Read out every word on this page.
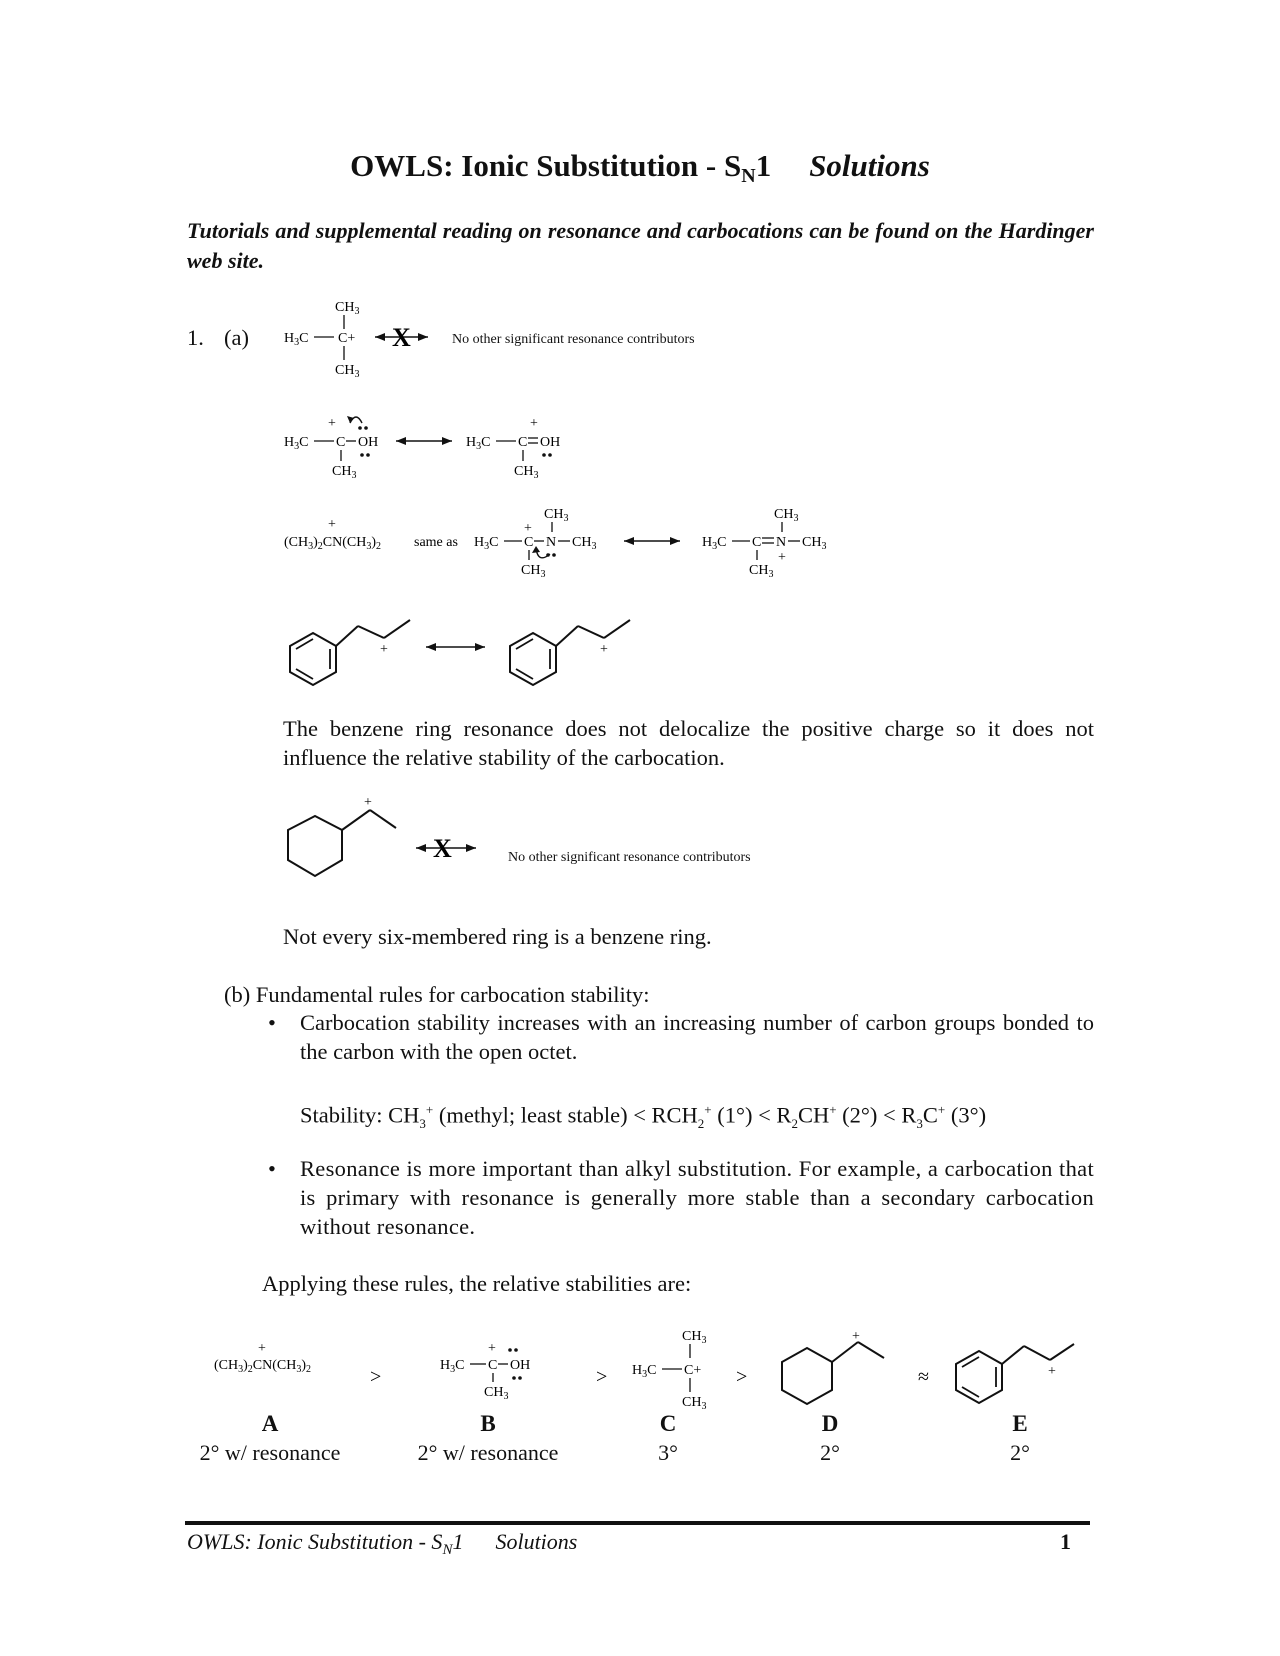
OWLS: Ionic Substitution - $S_N1$ Solutions
Tutorials and supplemental reading on resonance and carbocations can be found on the Hardinger web site.
1. (a)
$CH_3$
$H_3C$ C+
$CH_3$
X	No other significant resonance contributors
+
$H_3C$ C OH
$CH_3$
+
$H_3C$ C OH
$CH_3$
+
$(CH_3)_2CN(CH_3)_2$ same as
$CH_3$
+
$H_3C$ C N $CH_3$
$CH_3$
$CH_3$
$H_3C$ C N $CH_3$
+
$CH_3$
+	+
The benzene ring resonance does not delocalize the positive charge so it does not influence the relative stability of the carbocation.
+
X	No other significant resonance contributors
Not every six-membered ring is a benzene ring.
(b) Fundamental rules for carbocation stability:
• Carbocation stability increases with an increasing number of carbon groups bonded to the carbon with the open octet.
Stability: $CH_3^+$ (methyl; least stable) < $RCH_2^+$ $(1^\circ) < R_2CH^+$ $(2^\circ) < R_3C^+$ (3°)
• Resonance is more important than alkyl substitution. For example, a carbocation that is primary with resonance is generally more stable than a secondary carbocation without resonance.
Applying these rules, the relative stabilities are:
+
$(CH_3)_2CN(CH_3)_2$	>
+
$H_3C$ C OH
$CH_3$
>
$CH_3$
$H_3C$ C+
$CH_3$
>
+
≈	+
A
2° w/ resonance
B
2° w/ resonance
C
3°
D
2°
E
2°
OWLS: Ionic Substitution - $S_N1$ Solutions	1
